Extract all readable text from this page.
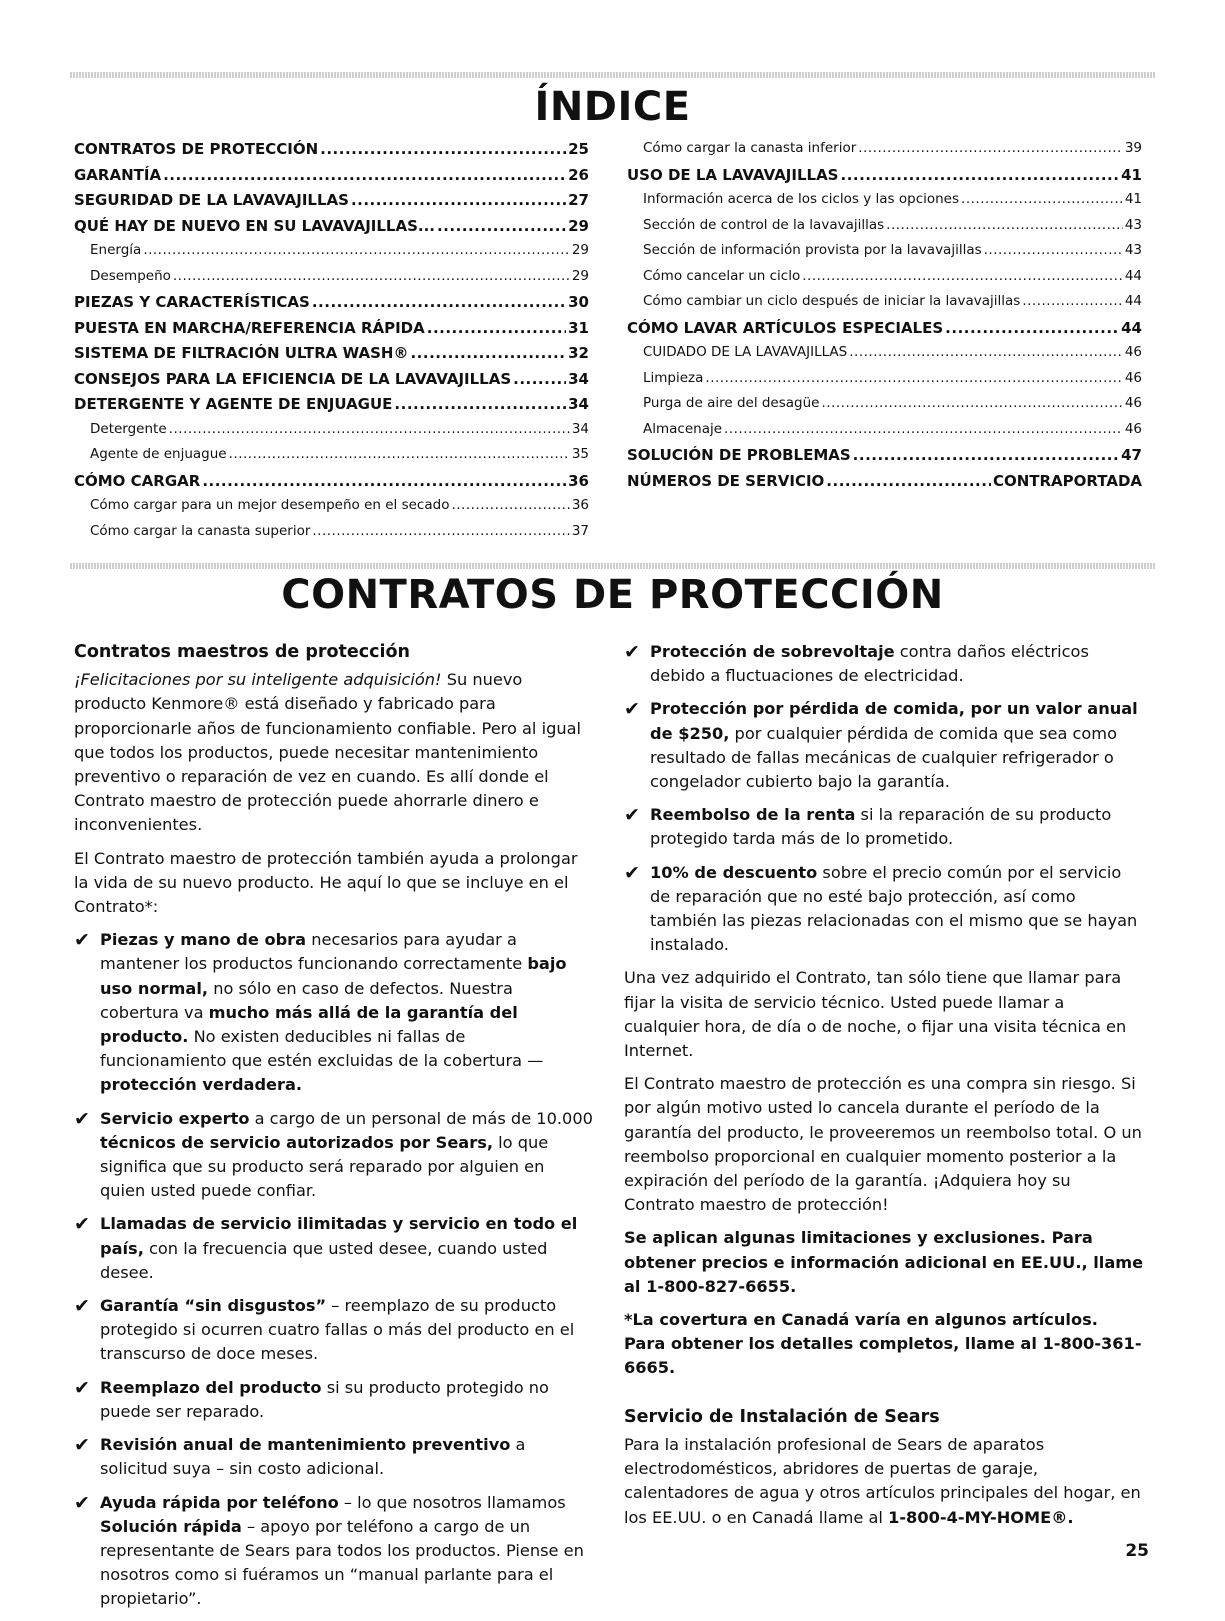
ÍNDICE
CONTRATOS DE PROTECCIÓN .....	25
GARANTÍA .....	26
SEGURIDAD DE LA LAVAVAJILLAS .....	27
QUÉ HAY DE NUEVO EN SU LAVAVAJILLAS... .....	29
Energía .....	29
Desempeño .....	29
PIEZAS Y CARACTERÍSTICAS .....	30
PUESTA EN MARCHA/REFERENCIA RÁPIDA .....	31
SISTEMA DE FILTRACIÓN ULTRA WASH® .....	32
CONSEJOS PARA LA EFICIENCIA DE LA LAVAVAJILLAS .....	34
DETERGENTE Y AGENTE DE ENJUAGUE .....	34
Detergente .....	34
Agente de enjuague .....	35
CÓMO CARGAR .....	36
Cómo cargar para un mejor desempeño en el secado .....	36
Cómo cargar la canasta superior .....	37
Cómo cargar la canasta inferior .....	39
USO DE LA LAVAVAJILLAS .....	41
Información acerca de los ciclos y las opciones .....	41
Sección de control de la lavavajillas .....	43
Sección de información provista por la lavavajillas .....	43
Cómo cancelar un ciclo .....	44
Cómo cambiar un ciclo después de iniciar la lavavajillas .....	44
CÓMO LAVAR ARTÍCULOS ESPECIALES .....	44
CUIDADO DE LA LAVAVAJILLAS .....	46
Limpieza .....	46
Purga de aire del desagüe .....	46
Almacenaje .....	46
SOLUCIÓN DE PROBLEMAS .....	47
NÚMEROS DE SERVICIO .....	CONTRAPORTADA
CONTRATOS DE PROTECCIÓN
Contratos maestros de protección

¡Felicitaciones por su inteligente adquisición! Su nuevo producto Kenmore® está diseñado y fabricado para proporcionarle años de funcionamiento confiable. Pero al igual que todos los productos, puede necesitar mantenimiento preventivo o reparación de vez en cuando. Es allí donde el Contrato maestro de protección puede ahorrarle dinero e inconvenientes.

El Contrato maestro de protección también ayuda a prolongar la vida de su nuevo producto. He aquí lo que se incluye en el Contrato*:

✔ Piezas y mano de obra necesarios para ayudar a mantener los productos funcionando correctamente bajo uso normal, no sólo en caso de defectos. Nuestra cobertura va mucho más allá de la garantía del producto. No existen deducibles ni fallas de funcionamiento que estén excluidas de la cobertura — protección verdadera.
✔ Servicio experto a cargo de un personal de más de 10.000 técnicos de servicio autorizados por Sears, lo que significa que su producto será reparado por alguien en quien usted puede confiar.
✔ Llamadas de servicio ilimitadas y servicio en todo el país, con la frecuencia que usted desee, cuando usted desee.
✔ Garantía “sin disgustos” – reemplazo de su producto protegido si ocurren cuatro fallas o más del producto en el transcurso de doce meses.
✔ Reemplazo del producto si su producto protegido no puede ser reparado.
✔ Revisión anual de mantenimiento preventivo a solicitud suya – sin costo adicional.
✔ Ayuda rápida por teléfono – lo que nosotros llamamos Solución rápida – apoyo por teléfono a cargo de un representante de Sears para todos los productos. Piense en nosotros como si fuéramos un “manual parlante para el propietario”.
✔ Protección de sobrevoltaje contra daños eléctricos debido a fluctuaciones de electricidad.
✔ Protección por pérdida de comida, por un valor anual de $250, por cualquier pérdida de comida que sea como resultado de fallas mecánicas de cualquier refrigerador o congelador cubierto bajo la garantía.
✔ Reembolso de la renta si la reparación de su producto protegido tarda más de lo prometido.
✔ 10% de descuento sobre el precio común por el servicio de reparación que no esté bajo protección, así como también las piezas relacionadas con el mismo que se hayan instalado.

Una vez adquirido el Contrato, tan sólo tiene que llamar para fijar la visita de servicio técnico. Usted puede llamar a cualquier hora, de día o de noche, o fijar una visita técnica en Internet.

El Contrato maestro de protección es una compra sin riesgo. Si por algún motivo usted lo cancela durante el período de la garantía del producto, le proveeremos un reembolso total. O un reembolso proporcional en cualquier momento posterior a la expiración del período de la garantía. ¡Adquiera hoy su Contrato maestro de protección!

Se aplican algunas limitaciones y exclusiones. Para obtener precios e información adicional en EE.UU., llame al 1-800-827-6655.

*La covertura en Canadá varía en algunos artículos. Para obtener los detalles completos, llame al 1-800-361-6665.

Servicio de Instalación de Sears

Para la instalación profesional de Sears de aparatos electrodomésticos, abridores de puertas de garaje, calentadores de agua y otros artículos principales del hogar, en los EE.UU. o en Canadá llame al 1-800-4-MY-HOME®.

25
